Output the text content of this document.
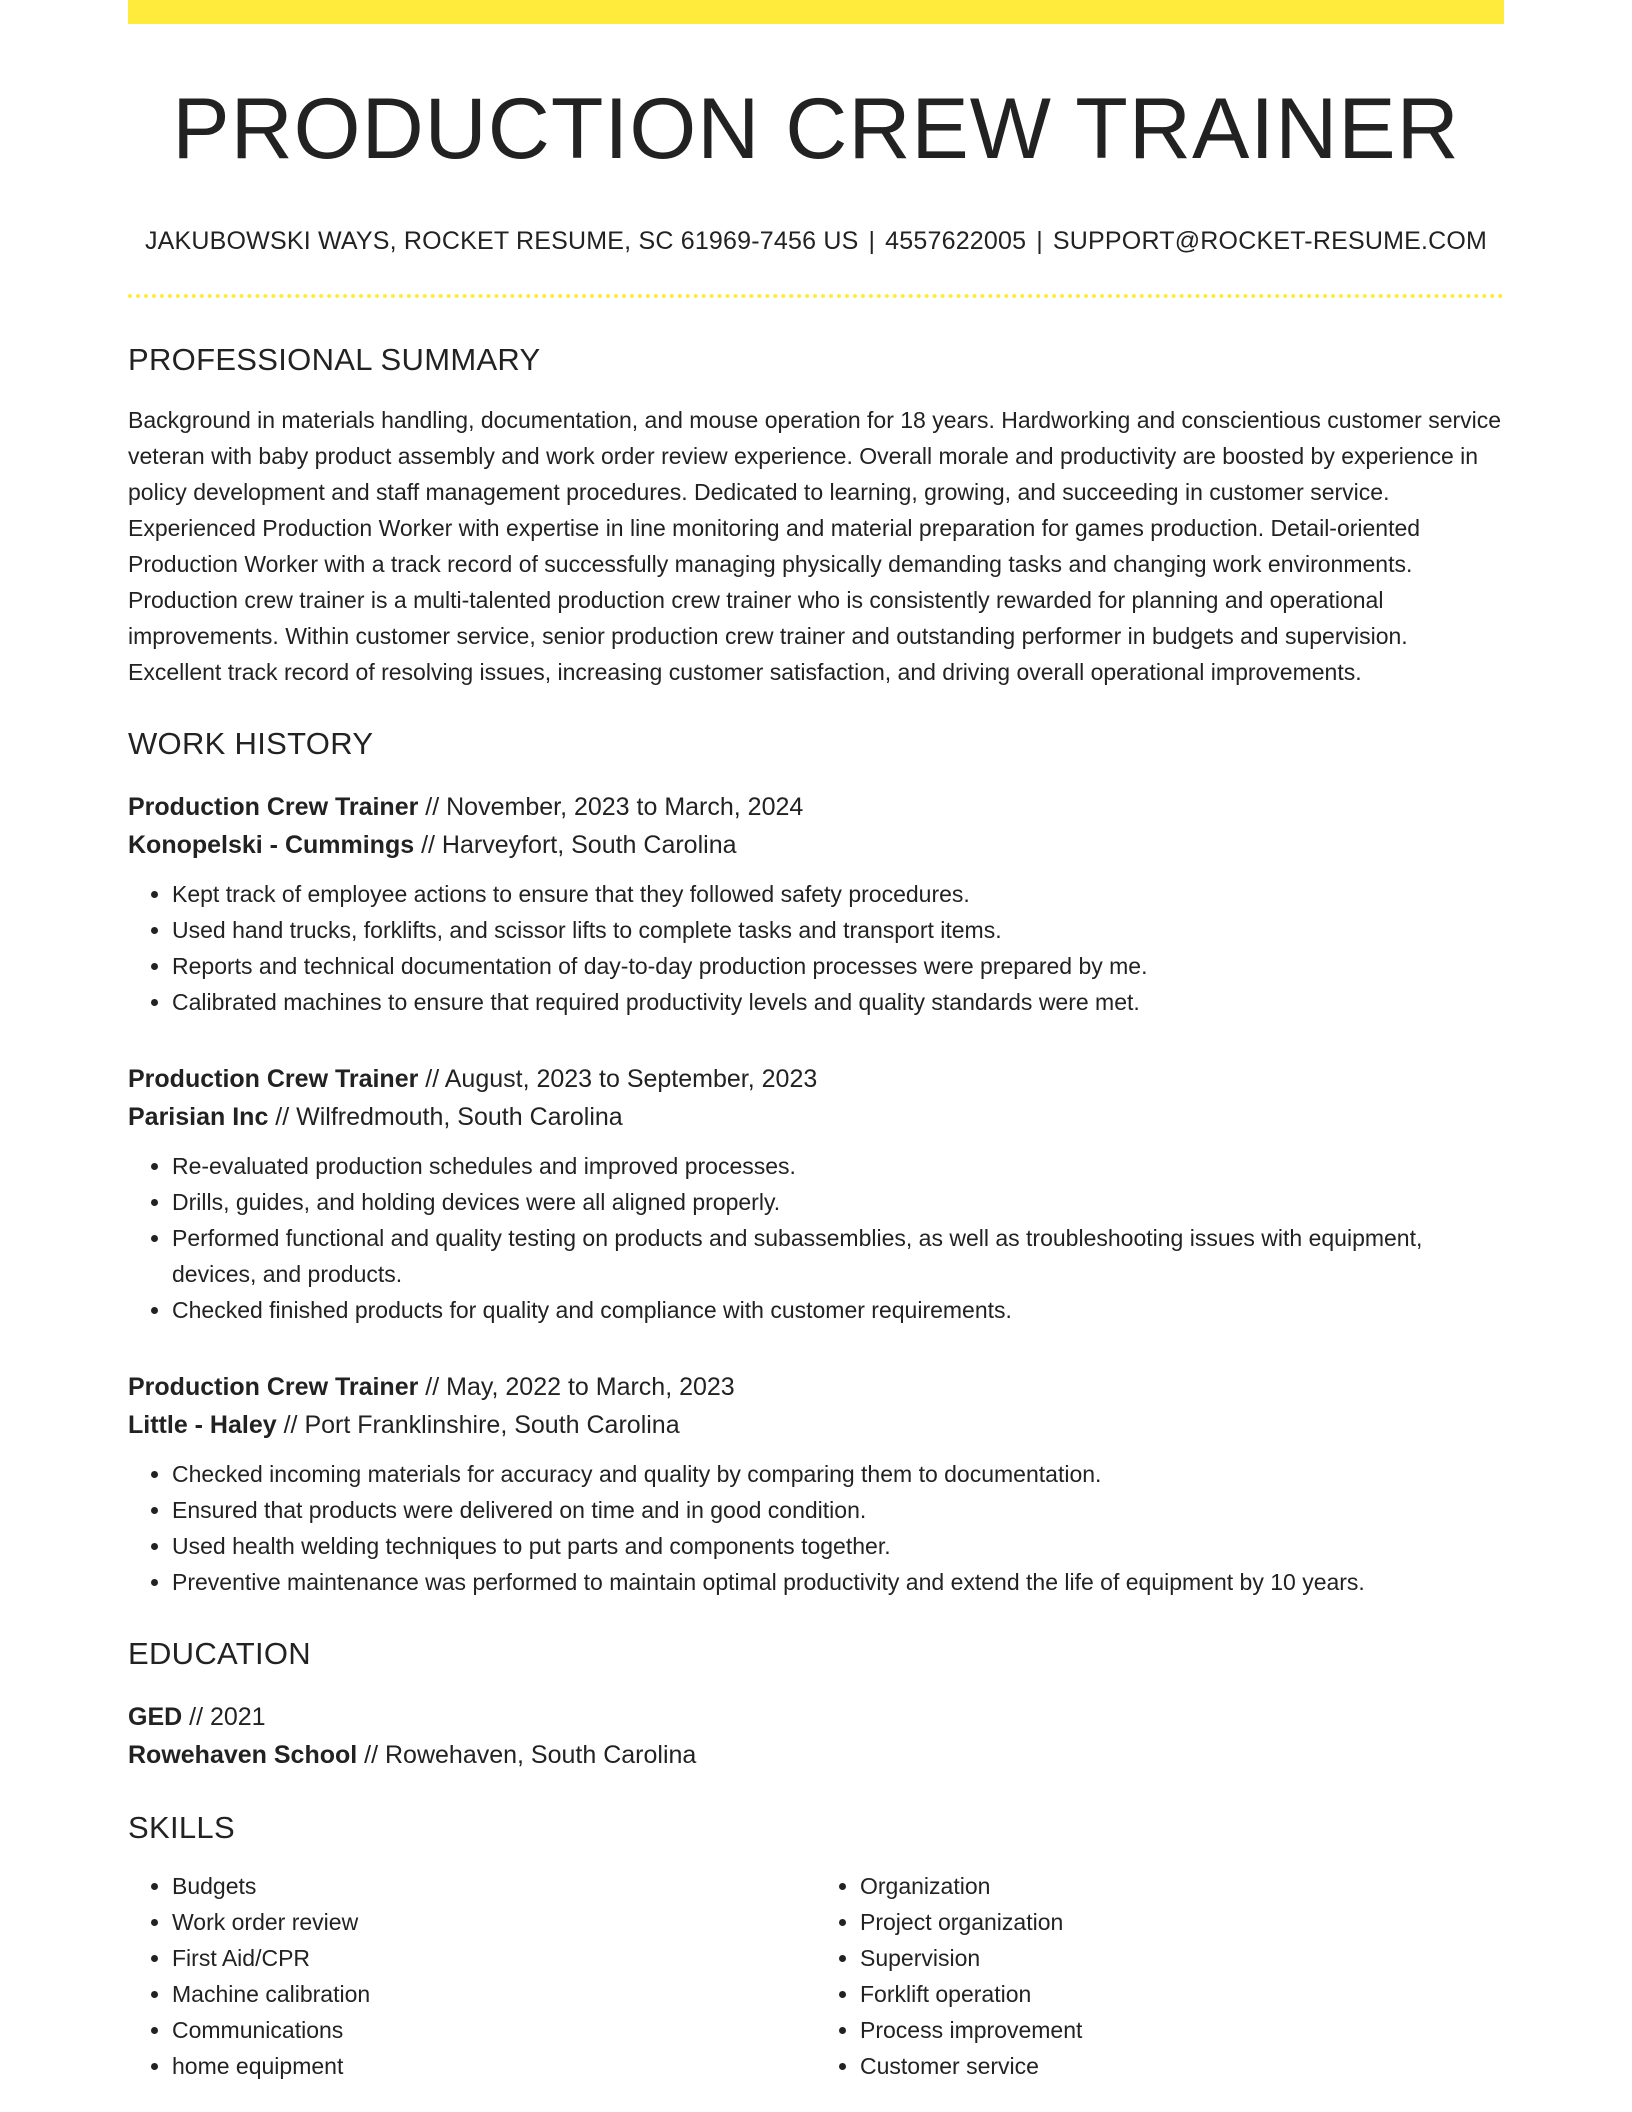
PRODUCTION CREW TRAINER
JAKUBOWSKI WAYS, ROCKET RESUME, SC 61969-7456 US | 4557622005 | SUPPORT@ROCKET-RESUME.COM
PROFESSIONAL SUMMARY
Background in materials handling, documentation, and mouse operation for 18 years. Hardworking and conscientious customer service veteran with baby product assembly and work order review experience. Overall morale and productivity are boosted by experience in policy development and staff management procedures. Dedicated to learning, growing, and succeeding in customer service. Experienced Production Worker with expertise in line monitoring and material preparation for games production. Detail-oriented Production Worker with a track record of successfully managing physically demanding tasks and changing work environments. Production crew trainer is a multi-talented production crew trainer who is consistently rewarded for planning and operational improvements. Within customer service, senior production crew trainer and outstanding performer in budgets and supervision. Excellent track record of resolving issues, increasing customer satisfaction, and driving overall operational improvements.
WORK HISTORY
Production Crew Trainer // November, 2023 to March, 2024
Konopelski - Cummings // Harveyfort, South Carolina
• Kept track of employee actions to ensure that they followed safety procedures.
• Used hand trucks, forklifts, and scissor lifts to complete tasks and transport items.
• Reports and technical documentation of day-to-day production processes were prepared by me.
• Calibrated machines to ensure that required productivity levels and quality standards were met.
Production Crew Trainer // August, 2023 to September, 2023
Parisian Inc // Wilfredmouth, South Carolina
• Re-evaluated production schedules and improved processes.
• Drills, guides, and holding devices were all aligned properly.
• Performed functional and quality testing on products and subassemblies, as well as troubleshooting issues with equipment, devices, and products.
• Checked finished products for quality and compliance with customer requirements.
Production Crew Trainer // May, 2022 to March, 2023
Little - Haley // Port Franklinshire, South Carolina
• Checked incoming materials for accuracy and quality by comparing them to documentation.
• Ensured that products were delivered on time and in good condition.
• Used health welding techniques to put parts and components together.
• Preventive maintenance was performed to maintain optimal productivity and extend the life of equipment by 10 years.
EDUCATION
GED // 2021
Rowehaven School // Rowehaven, South Carolina
SKILLS
• Budgets
• Work order review
• First Aid/CPR
• Machine calibration
• Communications
• home equipment
• Organization
• Project organization
• Supervision
• Forklift operation
• Process improvement
• Customer service
